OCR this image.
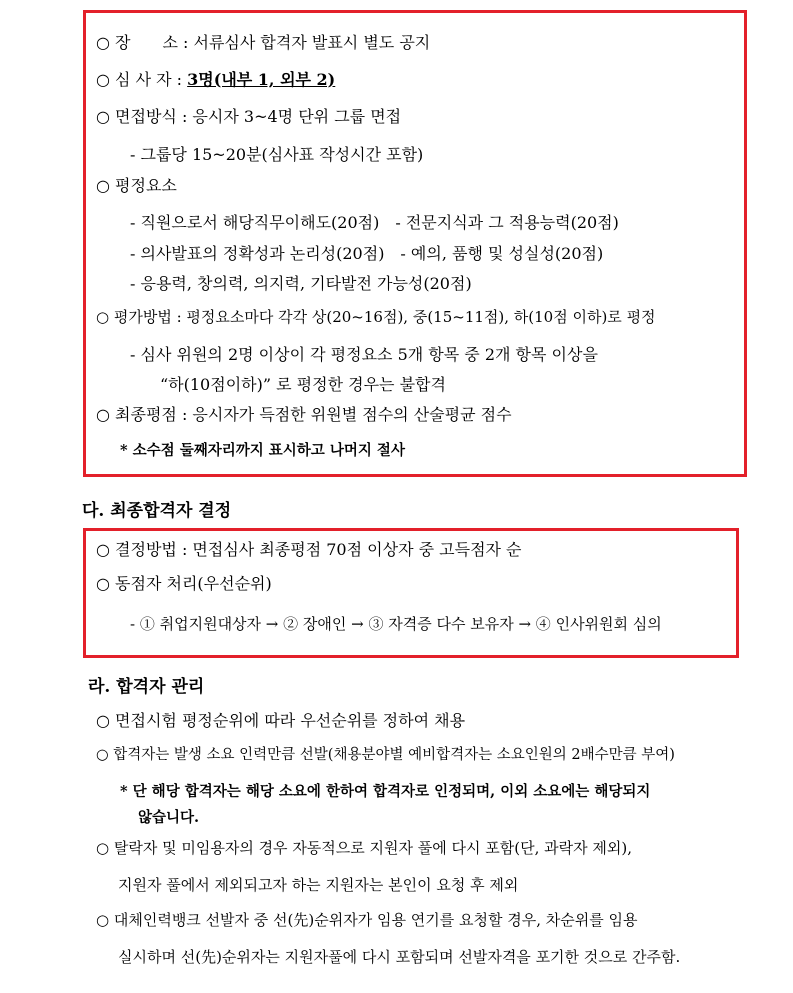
○ 장　　소 : 서류심사 합격자 발표시 별도 공지
○ 심 사 자 : 3명(내부 1, 외부 2)
○ 면접방식 : 응시자 3~4명 단위 그룹 면접
- 그룹당 15~20분(심사표 작성시간 포함)
○ 평정요소
- 직원으로서 해당직무이해도(20점)　- 전문지식과 그 적용능력(20점)
- 의사발표의 정확성과 논리성(20점)　- 예의, 품행 및 성실성(20점)
- 응용력, 창의력, 의지력, 기타발전 가능성(20점)
○ 평가방법 : 평정요소마다 각각 상(20~16점), 중(15~11점), 하(10점 이하)로 평정
- 심사 위원의 2명 이상이 각 평정요소 5개 항목 중 2개 항목 이상을
“하(10점이하)” 로 평정한 경우는 불합격
○ 최종평점 : 응시자가 득점한 위원별 점수의 산술평균 점수
* 소수점 둘째자리까지 표시하고 나머지 절사
다. 최종합격자 결정
○ 결정방법 : 면접심사 최종평점 70점 이상자 중 고득점자 순
○ 동점자 처리(우선순위)
- ① 취업지원대상자 → ② 장애인 → ③ 자격증 다수 보유자 → ④ 인사위원회 심의
라. 합격자 관리
○ 면접시험 평정순위에 따라 우선순위를 정하여 채용
○ 합격자는 발생 소요 인력만큼 선발(채용분야별 예비합격자는 소요인원의 2배수만큼 부여)
* 단 해당 합격자는 해당 소요에 한하여 합격자로 인정되며, 이외 소요에는 해당되지
않습니다.
○ 탈락자 및 미임용자의 경우 자동적으로 지원자 풀에 다시 포함(단, 과락자 제외),
지원자 풀에서 제외되고자 하는 지원자는 본인이 요청 후 제외
○ 대체인력뱅크 선발자 중 선(先)순위자가 임용 연기를 요청할 경우, 차순위를 임용
실시하며 선(先)순위자는 지원자풀에 다시 포함되며 선발자격을 포기한 것으로 간주함.
